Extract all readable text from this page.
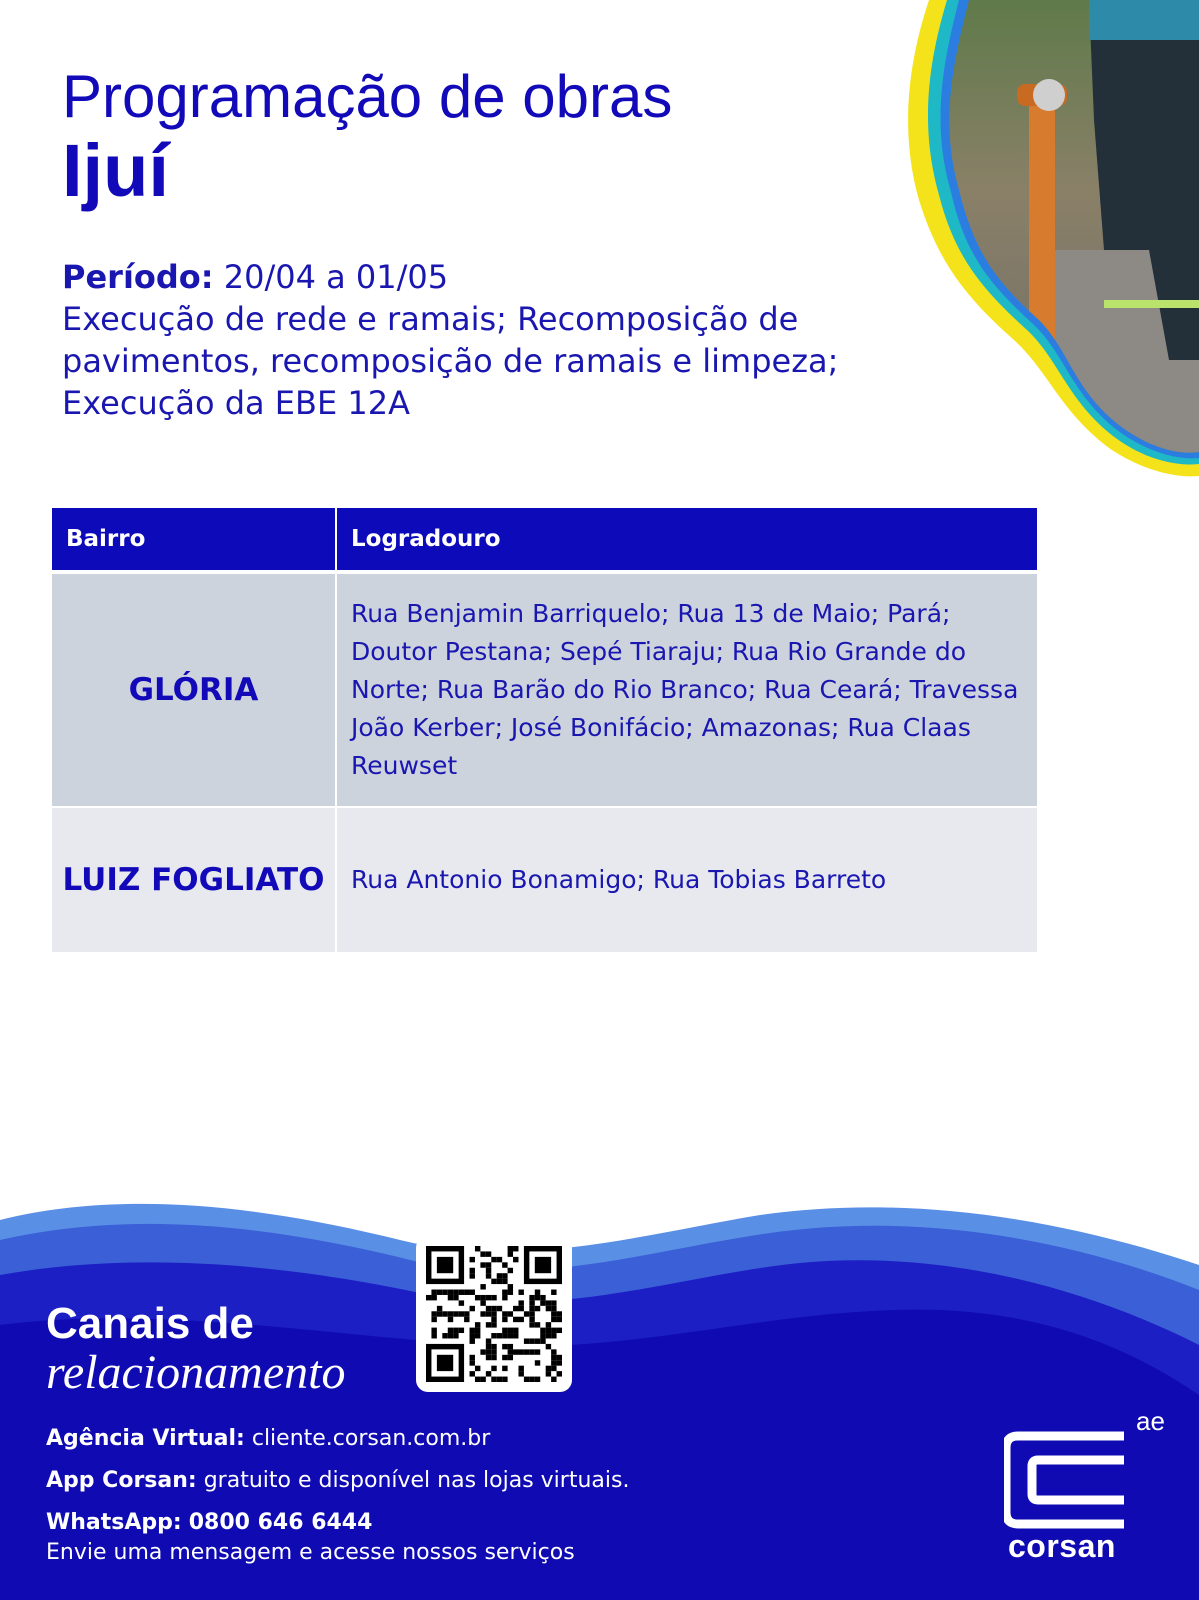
Programação de obras
Ijuí
Período: 20/04 a 01/05
Execução de rede e ramais; Recomposição de pavimentos, recomposição de ramais e limpeza; Execução da EBE 12A
Bairro	Logradouro
GLÓRIA	Rua Benjamin Barriquelo; Rua 13 de Maio; Pará; Doutor Pestana; Sepé Tiaraju; Rua Rio Grande do Norte; Rua Barão do Rio Branco; Rua Ceará; Travessa João Kerber; José Bonifácio; Amazonas; Rua Claas Reuwset
LUIZ FOGLIATO	Rua Antonio Bonamigo; Rua Tobias Barreto
Canais de
relacionamento
Agência Virtual: cliente.corsan.com.br
App Corsan: gratuito e disponível nas lojas virtuais.
WhatsApp: 0800 646 6444
Envie uma mensagem e acesse nossos serviços
ae
corsan
